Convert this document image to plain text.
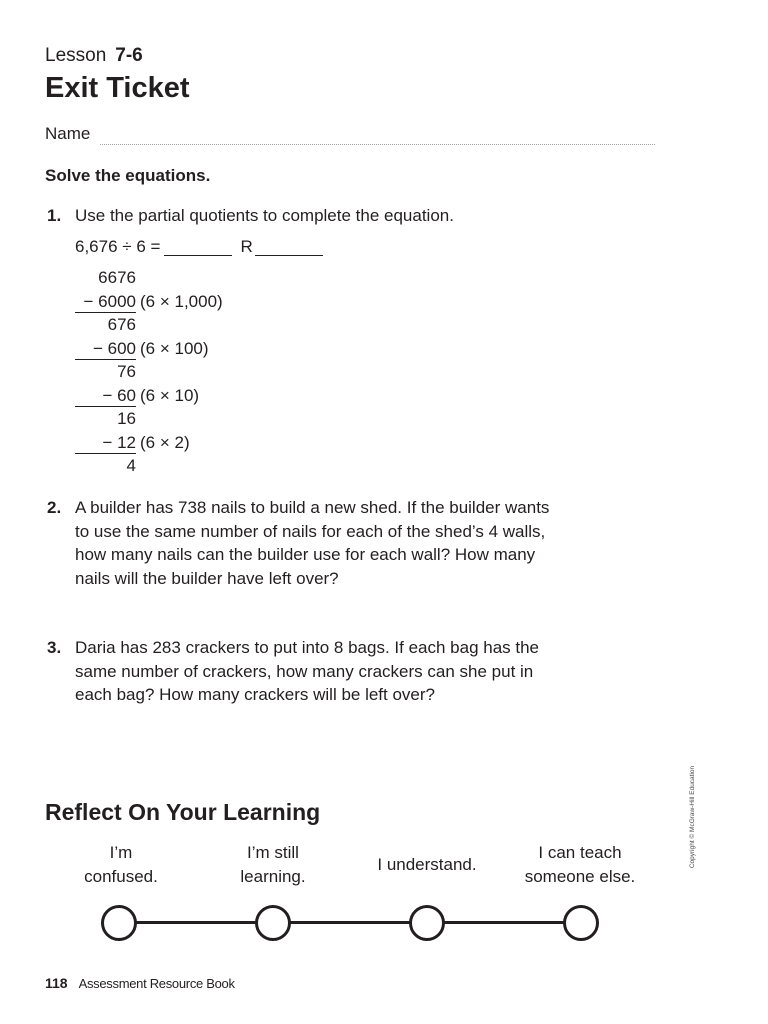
Lesson 7-6
Exit Ticket
Name
Solve the equations.
1. Use the partial quotients to complete the equation.
6,676 ÷ 6 =	R
6676
− 6000 (6 × 1,000)
676
− 600 (6 × 100)
76
− 60 (6 × 10)
16
− 12 (6 × 2)
4
2. A builder has 738 nails to build a new shed. If the builder wants
to use the same number of nails for each of the shed’s 4 walls,
how many nails can the builder use for each wall? How many
nails will the builder have left over?
3. Daria has 283 crackers to put into 8 bags. If each bag has the
same number of crackers, how many crackers can she put in
each bag? How many crackers will be left over?
Copyright © McGraw-Hill Education
Reflect On Your Learning
I’m
confused.
I’m still
learning.
I understand.
I can teach
someone else.
118 Assessment Resource Book
